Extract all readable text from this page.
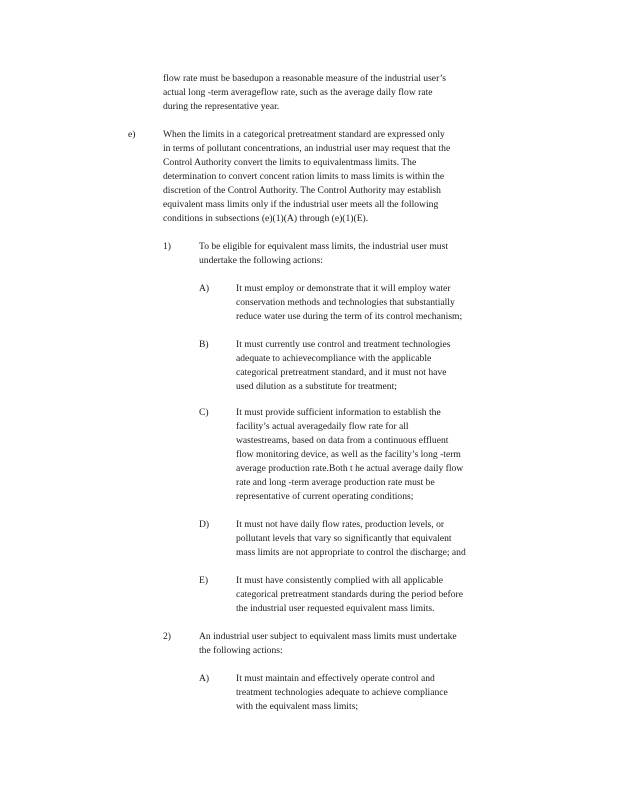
flow rate must be basedupon a reasonable measure of the industrial user’s
actual long -term averageflow rate, such as the average daily flow rate
during the representative year.
e)	When the limits in a categorical pretreatment standard are expressed only
in terms of pollutant concentrations, an industrial user may request that the
Control Authority convert the limits to equivalentmass limits. The
determination to convert concent ration limits to mass limits is within the
discretion of the Control Authority. The Control Authority may establish
equivalent mass limits only if the industrial user meets all the following
conditions in subsections (e)(1)(A) through (e)(1)(E).
1)	To be eligible for equivalent mass limits, the industrial user must
undertake the following actions:
A)	It must employ or demonstrate that it will employ water
conservation methods and technologies that substantially
reduce water use during the term of its control mechanism;
B)	It must currently use control and treatment technologies
adequate to achievecompliance with the applicable
categorical pretreatment standard, and it must not have
used dilution as a substitute for treatment;
C)	It must provide sufficient information to establish the
facility’s actual averagedaily flow rate for all
wastestreams, based on data from a continuous effluent
flow monitoring device, as well as the facility’s long -term
average production rate.Both t he actual average daily flow
rate and long -term average production rate must be
representative of current operating conditions;
D)	It must not have daily flow rates, production levels, or
pollutant levels that vary so significantly that equivalent
mass limits are not appropriate to control the discharge; and
E)	It must have consistently complied with all applicable
categorical pretreatment standards during the period before
the industrial user requested equivalent mass limits.
2)	An industrial user subject to equivalent mass limits must undertake
the following actions:
A)	It must maintain and effectively operate control and
treatment technologies adequate to achieve compliance
with the equivalent mass limits;
